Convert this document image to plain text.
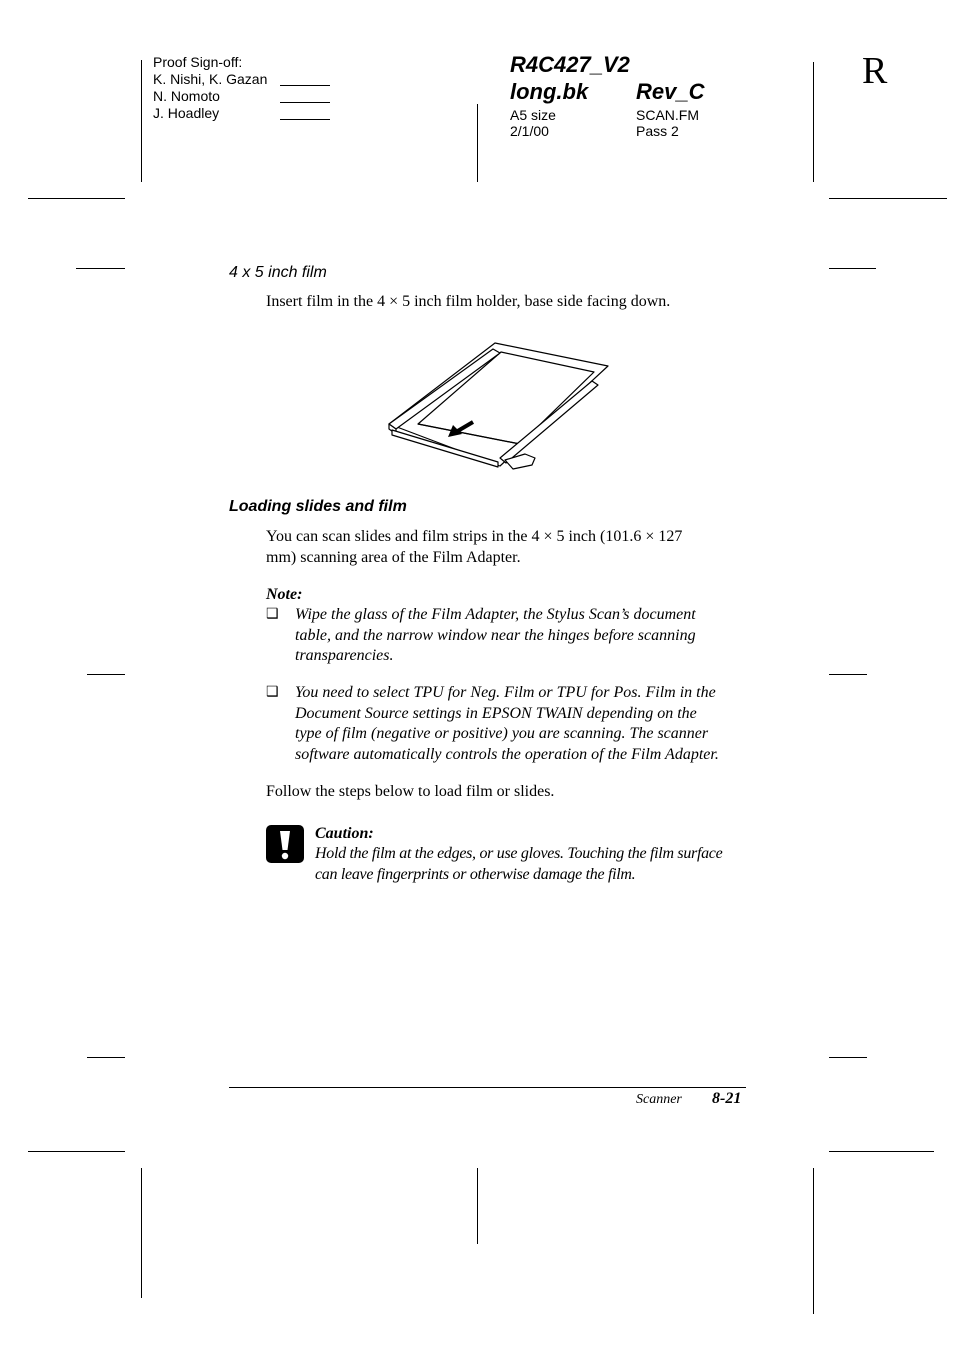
Proof Sign-off:
K. Nishi, K. Gazan
N. Nomoto
J. Hoadley
R4C427_V2
long.bk Rev_C
A5 size
2/1/00
SCAN.FM
Pass 2
R
4 x 5 inch film
Insert film in the 4 × 5 inch film holder, base side facing down.
Loading slides and film
You can scan slides and film strips in the 4 × 5 inch (101.6 × 127
mm) scanning area of the Film Adapter.
Note:
❑ Wipe the glass of the Film Adapter, the Stylus Scan’s document
table, and the narrow window near the hinges before scanning
transparencies.
❑ You need to select TPU for Neg. Film or TPU for Pos. Film in the
Document Source settings in EPSON TWAIN depending on the
type of film (negative or positive) you are scanning. The scanner
software automatically controls the operation of the Film Adapter.
Follow the steps below to load film or slides.
Caution:
Hold the film at the edges, or use gloves. Touching the film surface
can leave fingerprints or otherwise damage the film.
Scanner 8-21
